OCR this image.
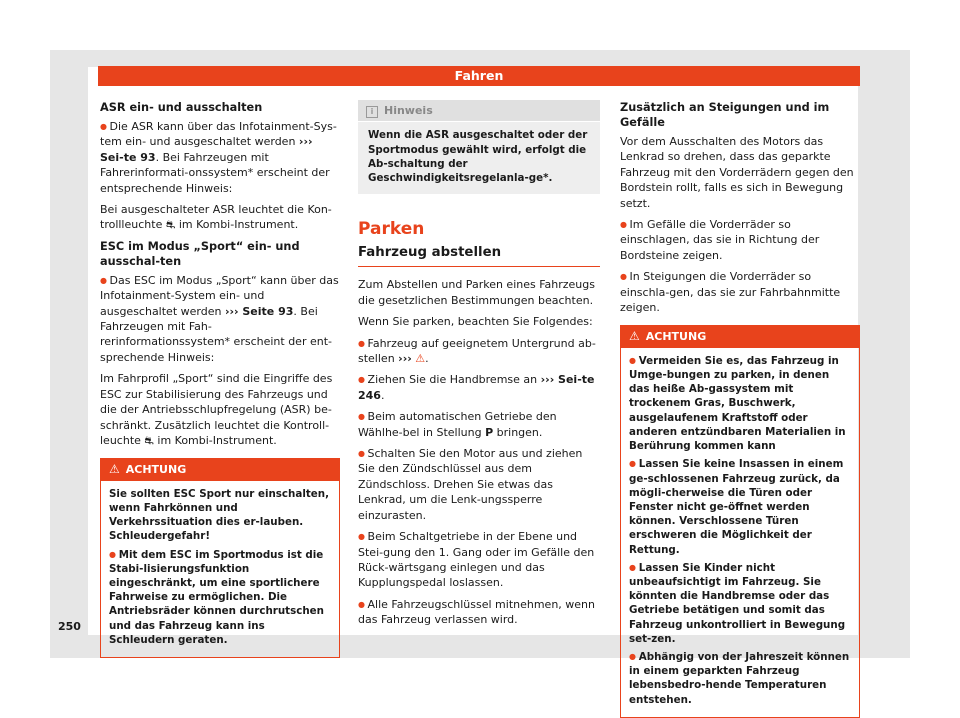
Fahren
ASR ein- und ausschalten

● Die ASR kann über das Infotainment-Sys-tem ein- und ausgeschaltet werden ››› Sei-te 93. Bei Fahrzeugen mit Fahrerinformati-onssystem* erscheint der entsprechende Hinweis:

Bei ausgeschalteter ASR leuchtet die Kon-trollleuchte ⛐ im Kombi-Instrument.

ESC im Modus „Sport“ ein- und ausschal-ten

● Das ESC im Modus „Sport“ kann über das Infotainment-System ein- und ausgeschaltet werden ››› Seite 93. Bei Fahrzeugen mit Fah-rerinformationssystem* erscheint der ent-sprechende Hinweis:

Im Fahrprofil „Sport“ sind die Eingriffe des ESC zur Stabilisierung des Fahrzeugs und die der Antriebsschlupfregelung (ASR) be-schränkt. Zusätzlich leuchtet die Kontroll-leuchte ⛐ im Kombi-Instrument.

⚠ ACHTUNG

Sie sollten ESC Sport nur einschalten, wenn Fahrkönnen und Verkehrssituation dies er-lauben. Schleudergefahr!

● Mit dem ESC im Sportmodus ist die Stabi-lisierungsfunktion eingeschränkt, um eine sportlichere Fahrweise zu ermöglichen. Die Antriebsräder können durchrutschen und das Fahrzeug kann ins Schleudern geraten.

i Hinweis
Wenn die ASR ausgeschaltet oder der Sportmodus gewählt wird, erfolgt die Ab-schaltung der Geschwindigkeitsregelanla-ge*.
Parken
Fahrzeug abstellen

Zum Abstellen und Parken eines Fahrzeugs die gesetzlichen Bestimmungen beachten.

Wenn Sie parken, beachten Sie Folgendes:

● Fahrzeug auf geeignetem Untergrund ab-stellen ››› ⚠.

● Ziehen Sie die Handbremse an ››› Sei-te 246.

● Beim automatischen Getriebe den Wählhe-bel in Stellung P bringen.

● Schalten Sie den Motor aus und ziehen Sie den Zündschlüssel aus dem Zündschloss. Drehen Sie etwas das Lenkrad, um die Lenk-ungssperre einzurasten.

● Beim Schaltgetriebe in der Ebene und Stei-gung den 1. Gang oder im Gefälle den Rück-wärtsgang einlegen und das Kupplungspedal loslassen.

● Alle Fahrzeugschlüssel mitnehmen, wenn das Fahrzeug verlassen wird.

Zusätzlich an Steigungen und im Gefälle

Vor dem Ausschalten des Motors das Lenkrad so drehen, dass das geparkte Fahrzeug mit den Vorderrädern gegen den Bordstein rollt, falls es sich in Bewegung setzt.

● Im Gefälle die Vorderräder so einschlagen, das sie in Richtung der Bordsteine zeigen.

● In Steigungen die Vorderräder so einschla-gen, das sie zur Fahrbahnmitte zeigen.

⚠ ACHTUNG

● Vermeiden Sie es, das Fahrzeug in Umge-bungen zu parken, in denen das heiße Ab-gassystem mit trockenem Gras, Buschwerk, ausgelaufenem Kraftstoff oder anderen entzündbaren Materialien in Berührung kommen kann

● Lassen Sie keine Insassen in einem ge-schlossenen Fahrzeug zurück, da mögli-cherweise die Türen oder Fenster nicht ge-öffnet werden können. Verschlossene Türen erschweren die Möglichkeit der Rettung.

● Lassen Sie Kinder nicht unbeaufsichtigt im Fahrzeug. Sie könnten die Handbremse oder das Getriebe betätigen und somit das Fahrzeug unkontrolliert in Bewegung set-zen.

● Abhängig von der Jahreszeit können in einem geparkten Fahrzeug lebensbedro-hende Temperaturen entstehen.

250
